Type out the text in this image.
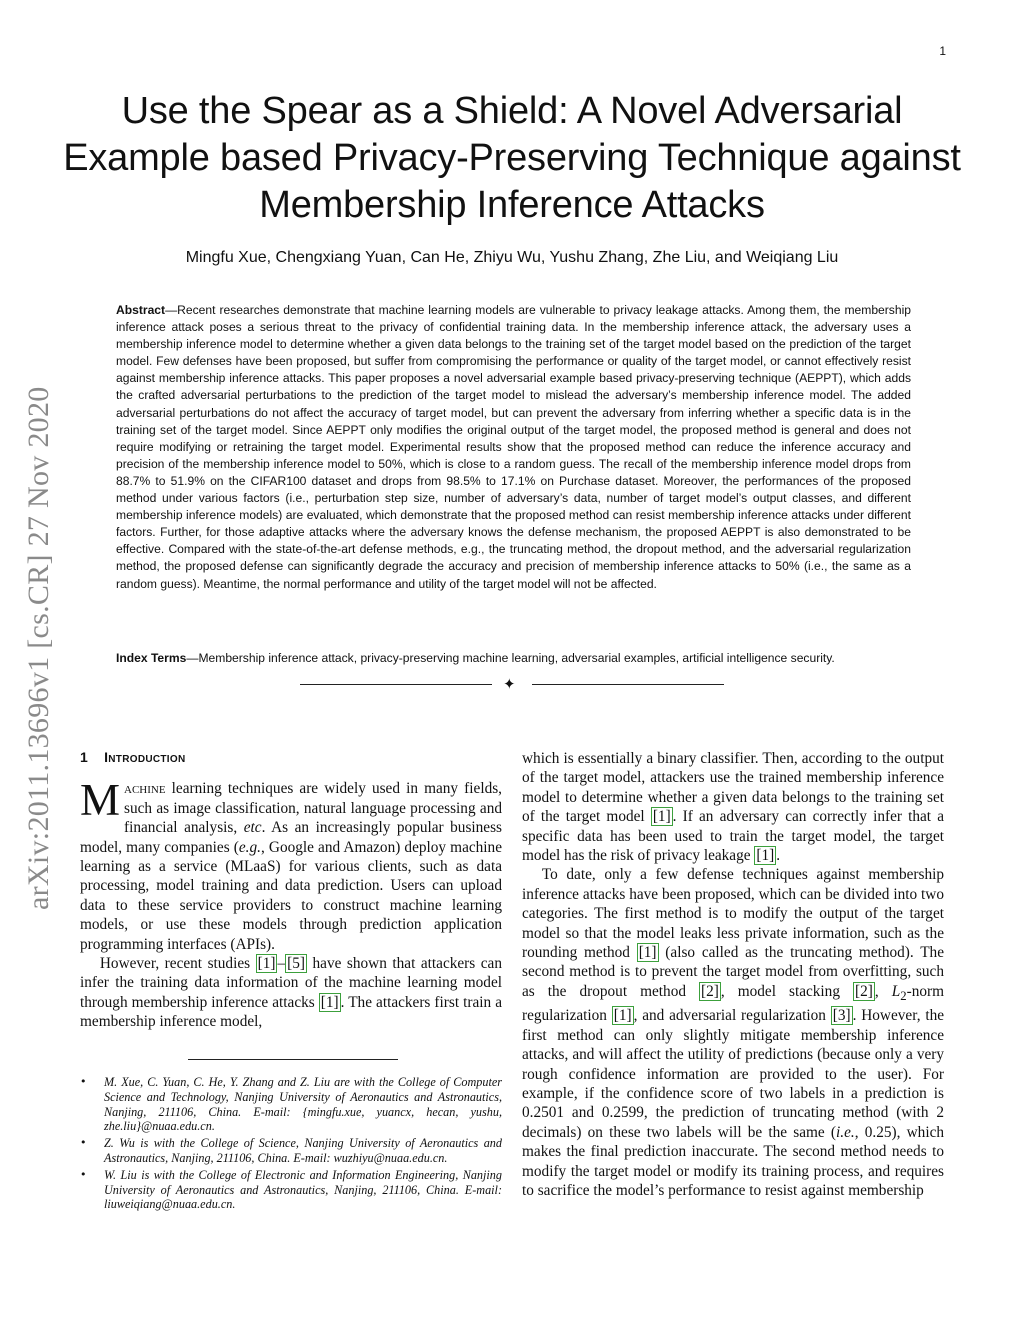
1
Use the Spear as a Shield: A Novel Adversarial Example based Privacy-Preserving Technique against Membership Inference Attacks
Mingfu Xue, Chengxiang Yuan, Can He, Zhiyu Wu, Yushu Zhang, Zhe Liu, and Weiqiang Liu

Abstract—Recent researches demonstrate that machine learning models are vulnerable to privacy leakage attacks. Among them, the membership inference attack poses a serious threat to the privacy of confidential training data. In the membership inference attack, the adversary uses a membership inference model to determine whether a given data belongs to the training set of the target model based on the prediction of the target model. Few defenses have been proposed, but suffer from compromising the performance or quality of the target model, or cannot effectively resist against membership inference attacks. This paper proposes a novel adversarial example based privacy-preserving technique (AEPPT), which adds the crafted adversarial perturbations to the prediction of the target model to mislead the adversary’s membership inference model. The added adversarial perturbations do not affect the accuracy of target model, but can prevent the adversary from inferring whether a specific data is in the training set of the target model. Since AEPPT only modifies the original output of the target model, the proposed method is general and does not require modifying or retraining the target model. Experimental results show that the proposed method can reduce the inference accuracy and precision of the membership inference model to 50%, which is close to a random guess. The recall of the membership inference model drops from 88.7% to 51.9% on the CIFAR100 dataset and drops from 98.5% to 17.1% on Purchase dataset. Moreover, the performances of the proposed method under various factors (i.e., perturbation step size, number of adversary’s data, number of target model’s output classes, and different membership inference models) are evaluated, which demonstrate that the proposed method can resist membership inference attacks under different factors. Further, for those adaptive attacks where the adversary knows the defense mechanism, the proposed AEPPT is also demonstrated to be effective. Compared with the state-of-the-art defense methods, e.g., the truncating method, the dropout method, and the adversarial regularization method, the proposed defense can significantly degrade the accuracy and precision of membership inference attacks to 50% (i.e., the same as a random guess). Meantime, the normal performance and utility of the target model will not be affected.

Index Terms—Membership inference attack, privacy-preserving machine learning, adversarial examples, artificial intelligence security.

✦
arXiv:2011.13696v1 [cs.CR] 27 Nov 2020 1 Introduction

Machine learning techniques are widely used in many fields, such as image classification, natural language processing and financial analysis, etc. As an increasingly popular business model, many companies (e.g., Google and Amazon) deploy machine learning as a service (MLaaS) for various clients, such as data processing, model training and data prediction. Users can upload data to these service providers to construct machine learning models, or use these models through prediction application programming interfaces (APIs).

However, recent studies [1] – [5] have shown that attackers can infer the training data information of the machine learning model through membership inference attacks [1] . The attackers first train a membership inference model,

• M. Xue, C. Yuan, C. He, Y. Zhang and Z. Liu are with the College of Computer Science and Technology, Nanjing University of Aeronautics and Astronautics, Nanjing, 211106, China. E-mail: {mingfu.xue, yuancx, hecan, yushu, zhe.liu}@nuaa.edu.cn.
• Z. Wu is with the College of Science, Nanjing University of Aeronautics and Astronautics, Nanjing, 211106, China. E-mail: wuzhiyu@nuaa.edu.cn.
• W. Liu is with the College of Electronic and Information Engineering, Nanjing University of Aeronautics and Astronautics, Nanjing, 211106, China. E-mail: liuweiqiang@nuaa.edu.cn.

which is essentially a binary classifier. Then, according to the output of the target model, attackers use the trained membership inference model to determine whether a given data belongs to the training set of the target model [1] . If an adversary can correctly infer that a specific data has been used to train the target model, the target model has the risk of privacy leakage [1] .

To date, only a few defense techniques against membership inference attacks have been proposed, which can be divided into two categories. The first method is to modify the output of the target model so that the model leaks less private information, such as the rounding method [1] (also called as the truncating method). The second method is to prevent the target model from overfitting, such as the dropout method [2] , model stacking [2] , $L_2$-norm regularization [1] , and adversarial regularization [3] . However, the first method can only slightly mitigate membership inference attacks, and will affect the utility of predictions (because only a very rough confidence information are provided to the user). For example, if the confidence score of two labels in a prediction is 0.2501 and 0.2599, the prediction of truncating method (with 2 decimals) on these two labels will be the same (i.e., 0.25), which makes the final prediction inaccurate. The second method needs to modify the target model or modify its training process, and requires to sacrifice the model’s performance to resist against membership
